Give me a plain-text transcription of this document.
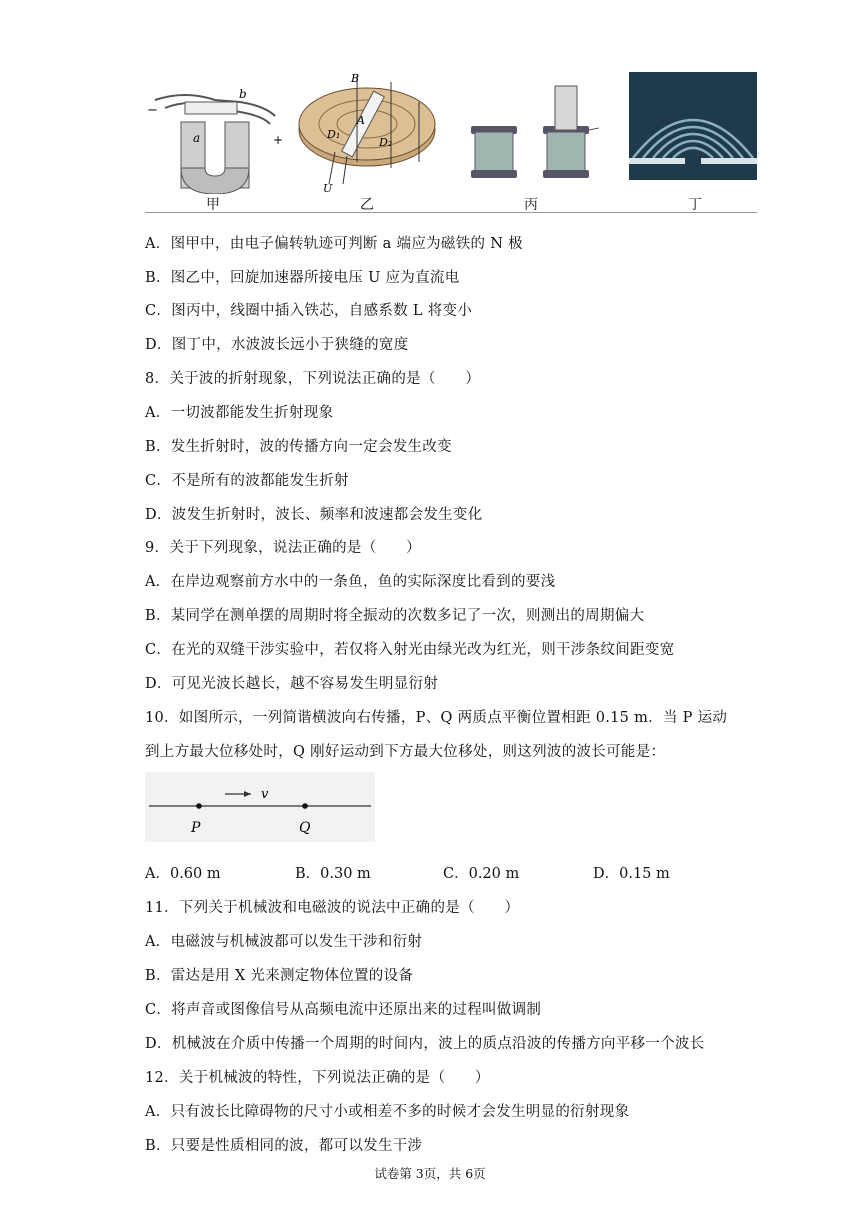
−
+
a
b
甲
B
A
D₁
D₂
U
乙	丙	丁
A．图甲中，由电子偏转轨迹可判断 a 端应为磁铁的 N 极
B．图乙中，回旋加速器所接电压 U 应为直流电
C．图丙中，线圈中插入铁芯，自感系数 L 将变小
D．图丁中，水波波长远小于狭缝的宽度
8．关于波的折射现象，下列说法正确的是（　　）
A．一切波都能发生折射现象
B．发生折射时，波的传播方向一定会发生改变
C．不是所有的波都能发生折射
D．波发生折射时，波长、频率和波速都会发生变化
9．关于下列现象，说法正确的是（　　）
A．在岸边观察前方水中的一条鱼，鱼的实际深度比看到的要浅
B．某同学在测单摆的周期时将全振动的次数多记了一次，则测出的周期偏大
C．在光的双缝干涉实验中，若仅将入射光由绿光改为红光，则干涉条纹间距变宽
D．可见光波长越长，越不容易发生明显衍射
10．如图所示，一列简谐横波向右传播，P、Q 两质点平衡位置相距 0.15 m．当 P 运动
到上方最大位移处时，Q 刚好运动到下方最大位移处，则这列波的波长可能是：
v
P	Q
A．0.60 m	B．0.30 m	C．0.20 m	D．0.15 m
11．下列关于机械波和电磁波的说法中正确的是（　　）
A．电磁波与机械波都可以发生干涉和衍射
B．雷达是用 X 光来测定物体位置的设备
C．将声音或图像信号从高频电流中还原出来的过程叫做调制
D．机械波在介质中传播一个周期的时间内，波上的质点沿波的传播方向平移一个波长
12．关于机械波的特性，下列说法正确的是（　　）
A．只有波长比障碍物的尺寸小或相差不多的时候才会发生明显的衍射现象
B．只要是性质相同的波，都可以发生干涉
试卷第 3页，共 6页
